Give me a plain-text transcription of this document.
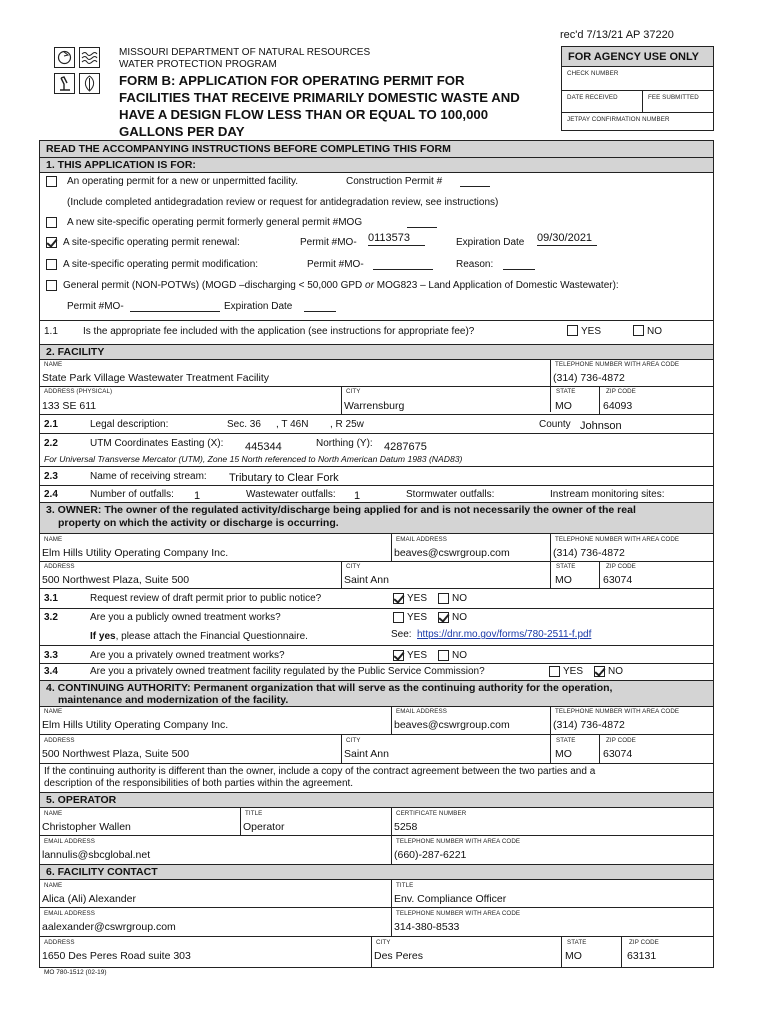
rec'd 7/13/21 AP 37220
MISSOURI DEPARTMENT OF NATURAL RESOURCES
WATER PROTECTION PROGRAM
FORM B: APPLICATION FOR OPERATING PERMIT FOR
FACILITIES THAT RECEIVE PRIMARILY DOMESTIC WASTE AND
HAVE A DESIGN FLOW LESS THAN OR EQUAL TO 100,000
GALLONS PER DAY
FOR AGENCY USE ONLY
CHECK NUMBER
DATE RECEIVED	FEE SUBMITTED
JETPAY CONFIRMATION NUMBER
READ THE ACCOMPANYING INSTRUCTIONS BEFORE COMPLETING THIS FORM
1. THIS APPLICATION IS FOR:
An operating permit for a new or unpermitted facility.	Construction Permit #
(Include completed antidegradation review or request for antidegradation review, see instructions)
A new site-specific operating permit formerly general permit #MOG
A site-specific operating permit renewal:	Permit #MO- 0113573	Expiration Date 09/30/2021
A site-specific operating permit modification:	Permit #MO-	Reason:
General permit (NON-POTWs) (MOGD –discharging < 50,000 GPD or MOG823 – Land Application of Domestic Wastewater):
Permit #MO-	Expiration Date
1.1	Is the appropriate fee included with the application (see instructions for appropriate fee)?	YES	NO
2. FACILITY
NAME
State Park Village Wastewater Treatment Facility
TELEPHONE NUMBER WITH AREA CODE
(314) 736-4872
ADDRESS (PHYSICAL)
133 SE 611
CITY
Warrensburg
STATE
MO
ZIP CODE
64093
2.1	Legal description:	Sec. 36 , T 46N , R 25w	County Johnson
2.2	UTM Coordinates Easting (X): 445344	Northing (Y): 4287675
For Universal Transverse Mercator (UTM), Zone 15 North referenced to North American Datum 1983 (NAD83)
2.3	Name of receiving stream: Tributary to Clear Fork
2.4	Number of outfalls: 1	Wastewater outfalls: 1	Stormwater outfalls:	Instream monitoring sites:
3. OWNER: The owner of the regulated activity/discharge being applied for and is not necessarily the owner of the real
property on which the activity or discharge is occurring.
NAME
Elm Hills Utility Operating Company Inc.
EMAIL ADDRESS
beaves@cswrgroup.com
TELEPHONE NUMBER WITH AREA CODE
(314) 736-4872
ADDRESS
500 Northwest Plaza, Suite 500
CITY
Saint Ann
STATE
MO
ZIP CODE
63074
3.1	Request review of draft permit prior to public notice?	YES NO
3.2	Are you a publicly owned treatment works?	YES NO
If yes, please attach the Financial Questionnaire.	See: https://dnr.mo.gov/forms/780-2511-f.pdf
3.3	Are you a privately owned treatment works?	YES NO
3.4	Are you a privately owned treatment facility regulated by the Public Service Commission?	YES NO
4. CONTINUING AUTHORITY: Permanent organization that will serve as the continuing authority for the operation,
maintenance and modernization of the facility.
NAME
Elm Hills Utility Operating Company Inc.
EMAIL ADDRESS
beaves@cswrgroup.com
TELEPHONE NUMBER WITH AREA CODE
(314) 736-4872
ADDRESS
500 Northwest Plaza, Suite 500
CITY
Saint Ann
STATE
MO
ZIP CODE
63074
If the continuing authority is different than the owner, include a copy of the contract agreement between the two parties and a
description of the responsibilities of both parties within the agreement.
5. OPERATOR
NAME
Christopher Wallen
TITLE
Operator
CERTIFICATE NUMBER
5258
EMAIL ADDRESS
lannulis@sbcglobal.net
TELEPHONE NUMBER WITH AREA CODE
(660)-287-6221
6. FACILITY CONTACT
NAME
Alica (Ali) Alexander
TITLE
Env. Compliance Officer
EMAIL ADDRESS
aalexander@cswrgroup.com
TELEPHONE NUMBER WITH AREA CODE
314-380-8533
ADDRESS
1650 Des Peres Road suite 303
CITY
Des Peres
STATE
MO
ZIP CODE
63131
MO 780-1512 (02-19)
